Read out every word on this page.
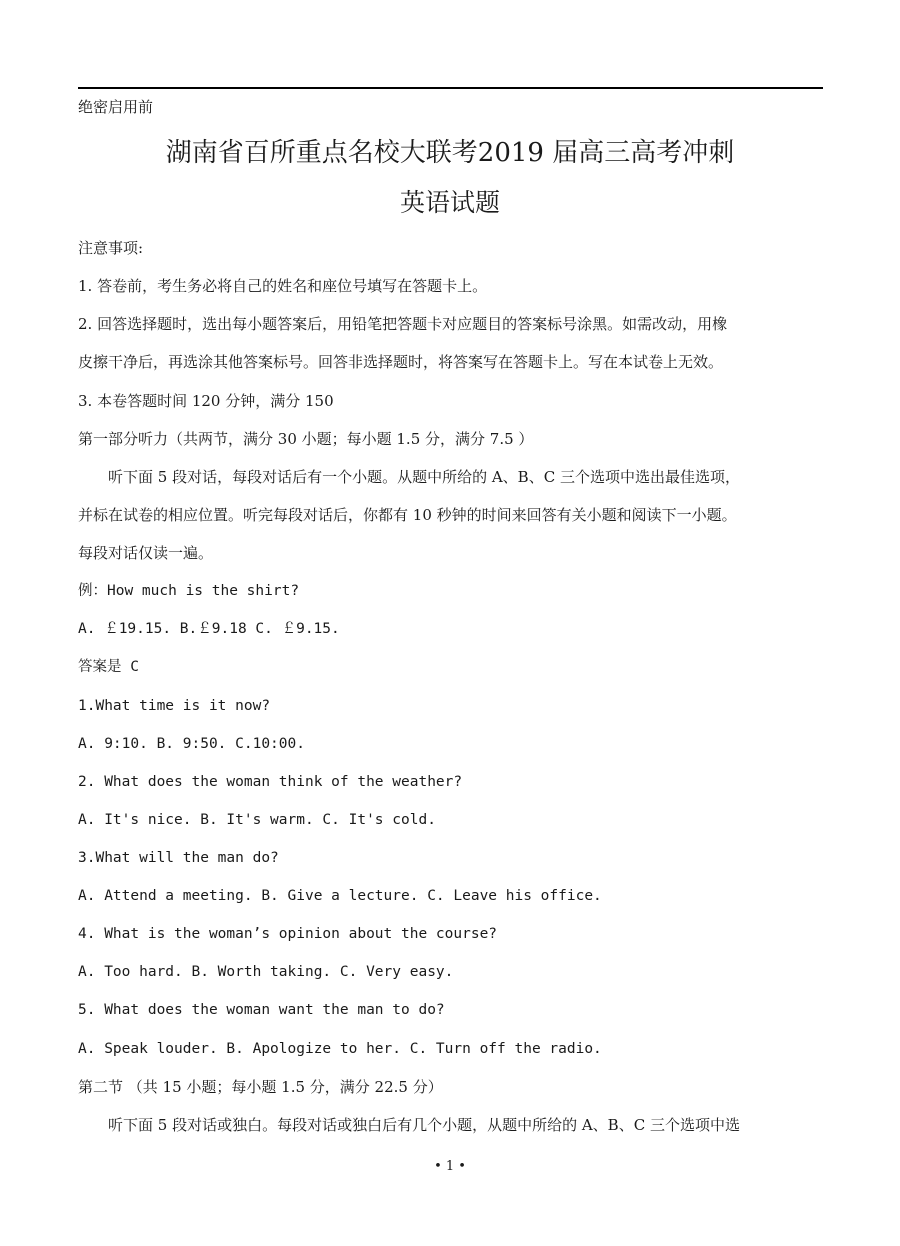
绝密启用前
湖南省百所重点名校大联考2019 届高三高考冲刺
英语试题
注意事项:
1. 答卷前，考生务必将自己的姓名和座位号填写在答题卡上。
2. 回答选择题时，选出每小题答案后，用铅笔把答题卡对应题目的答案标号涂黑。如需改动，用橡
皮擦干净后，再选涂其他答案标号。回答非选择题时，将答案写在答题卡上。写在本试卷上无效。
3. 本卷答题时间 120 分钟，满分 150
第一部分听力（共两节，满分 30 小题；每小题 1.5 分，满分 7.5 ）
听下面 5 段对话，每段对话后有一个小题。从题中所给的 A、B、C 三个选项中选出最佳选项，
并标在试卷的相应位置。听完每段对话后，你都有 10 秒钟的时间来回答有关小题和阅读下一小题。
每段对话仅读一遍。
例：How much is the shirt?
A. ￡19.15. B.￡9.18 C. ￡9.15.
答案是 C
1.What time is it now?
A. 9:10. B. 9:50. C.10:00.
2. What does the woman think of the weather?
A. It's nice. B. It's warm. C. It's cold.
3.What will the man do?
A. Attend a meeting. B. Give a lecture. C. Leave his office.
4. What is the woman’s opinion about the course?
A. Too hard. B. Worth taking. C. Very easy.
5. What does the woman want the man to do?
A. Speak louder. B. Apologize to her. C. Turn off the radio.
第二节 （共 15 小题；每小题 1.5 分，满分 22.5 分）
听下面 5 段对话或独白。每段对话或独白后有几个小题，从题中所给的 A、B、C 三个选项中选
• 1 •
